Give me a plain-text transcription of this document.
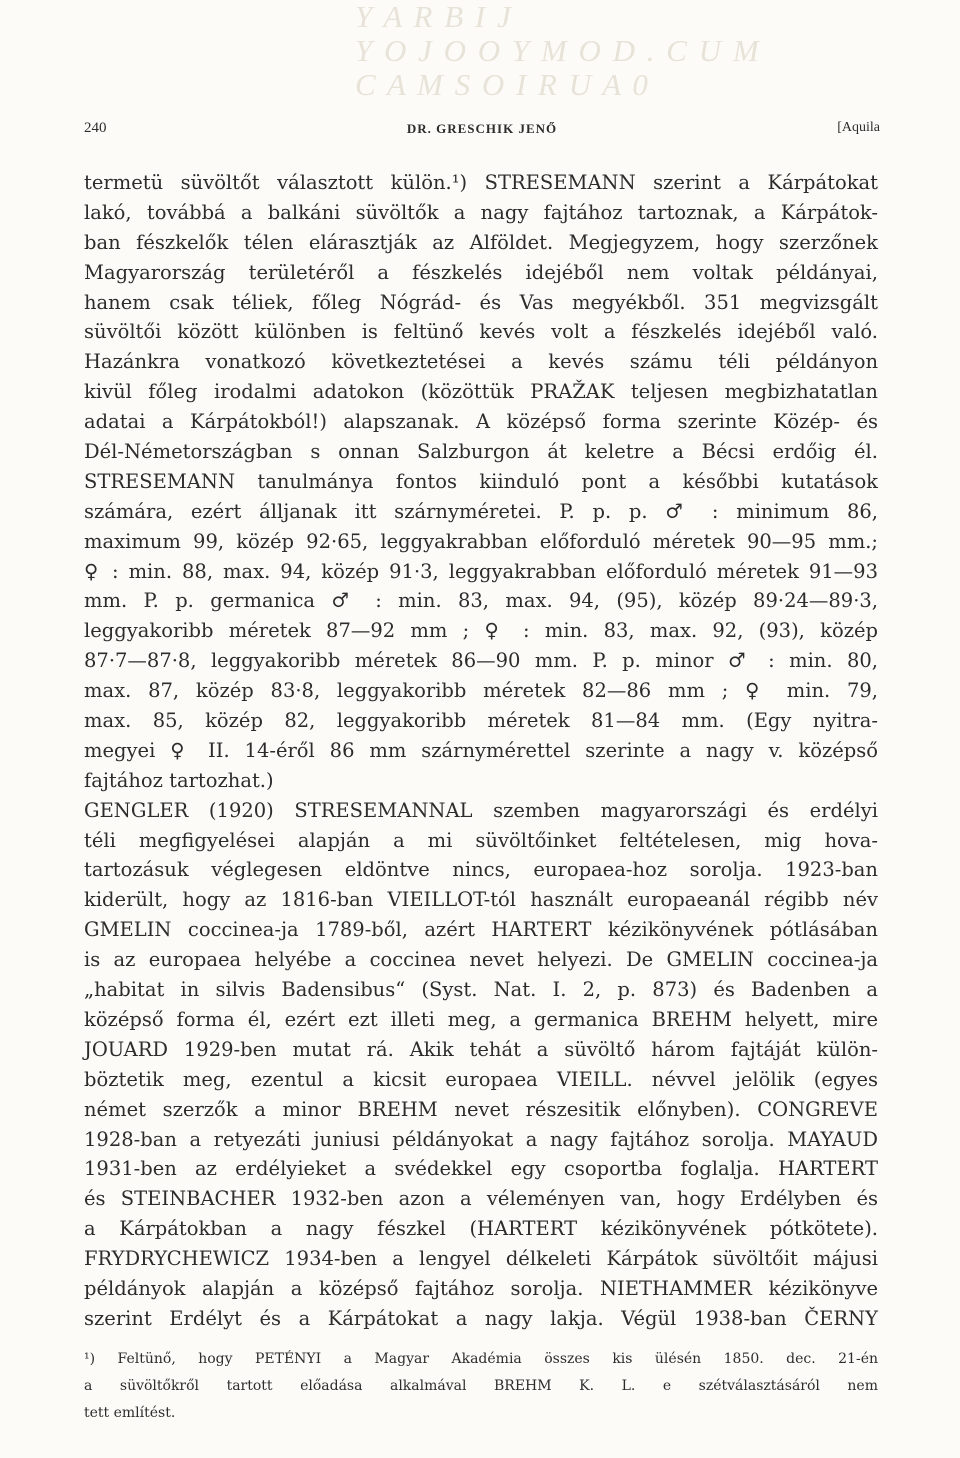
Y A R B I J
Y O J O O Y M O D . C U M
C A M S O I R U A 0
240	DR. GRESCHIK JENŐ	[Aquila
termetü süvöltőt választott külön.¹) STRESEMANN szerint a Kárpátokat
lakó, továbbá a balkáni süvöltők a nagy fajtához tartoznak, a Kárpátok-
ban fészkelők télen elárasztják az Alföldet. Megjegyzem, hogy szerzőnek
Magyarország területéről a fészkelés idejéből nem voltak példányai,
hanem csak téliek, főleg Nógrád- és Vas megyékből. 351 megvizsgált
süvöltői között különben is feltünő kevés volt a fészkelés idejéből való.
Hazánkra vonatkozó következtetései a kevés számu téli példányon
kivül főleg irodalmi adatokon (közöttük PRAŽAK teljesen megbizhatatlan
adatai a Kárpátokból!) alapszanak. A középső forma szerinte Közép- és
Dél-Németországban s onnan Salzburgon át keletre a Bécsi erdőig él.
STRESEMANN tanulmánya fontos kiinduló pont a későbbi kutatások
számára, ezért álljanak itt szárnyméretei. P. p. p. ♂ : minimum 86,
maximum 99, közép 92·65, leggyakrabban előforduló méretek 90—95 mm.;
♀ : min. 88, max. 94, közép 91·3, leggyakrabban előforduló méretek 91—93
mm. P. p. germanica ♂ : min. 83, max. 94, (95), közép 89·24—89·3,
leggyakoribb méretek 87—92 mm ; ♀ : min. 83, max. 92, (93), közép
87·7—87·8, leggyakoribb méretek 86—90 mm. P. p. minor ♂ : min. 80,
max. 87, közép 83·8, leggyakoribb méretek 82—86 mm ; ♀ min. 79,
max. 85, közép 82, leggyakoribb méretek 81—84 mm. (Egy nyitra-
megyei ♀ II. 14-éről 86 mm szárnymérettel szerinte a nagy v. középső
fajtához tartozhat.)
GENGLER (1920) STRESEMANNAL szemben magyarországi és erdélyi
téli megfigyelései alapján a mi süvöltőinket feltételesen, mig hova-
tartozásuk véglegesen eldöntve nincs, europaea-hoz sorolja. 1923-ban
kiderült, hogy az 1816-ban VIEILLOT-tól használt europaeanál régibb név
GMELIN coccinea-ja 1789-ből, azért HARTERT kézikönyvének pótlásában
is az europaea helyébe a coccinea nevet helyezi. De GMELIN coccinea-ja
„habitat in silvis Badensibus“ (Syst. Nat. I. 2, p. 873) és Badenben a
középső forma él, ezért ezt illeti meg, a germanica BREHM helyett, mire
JOUARD 1929-ben mutat rá. Akik tehát a süvöltő három fajtáját külön-
böztetik meg, ezentul a kicsit europaea VIEILL. névvel jelölik (egyes
német szerzők a minor BREHM nevet részesitik előnyben). CONGREVE
1928-ban a retyezáti juniusi példányokat a nagy fajtához sorolja. MAYAUD
1931-ben az erdélyieket a svédekkel egy csoportba foglalja. HARTERT
és STEINBACHER 1932-ben azon a véleményen van, hogy Erdélyben és
a Kárpátokban a nagy fészkel (HARTERT kézikönyvének pótkötete).
FRYDRYCHEWICZ 1934-ben a lengyel délkeleti Kárpátok süvöltőit májusi
példányok alapján a középső fajtához sorolja. NIETHAMMER kézikönyve
szerint Erdélyt és a Kárpátokat a nagy lakja. Végül 1938-ban ČERNY
¹) Feltünő, hogy PETÉNYI a Magyar Akadémia összes kis ülésén 1850. dec. 21-én
a süvöltőkről tartott előadása alkalmával BREHM K. L. e szétválasztásáról nem
tett említést.
